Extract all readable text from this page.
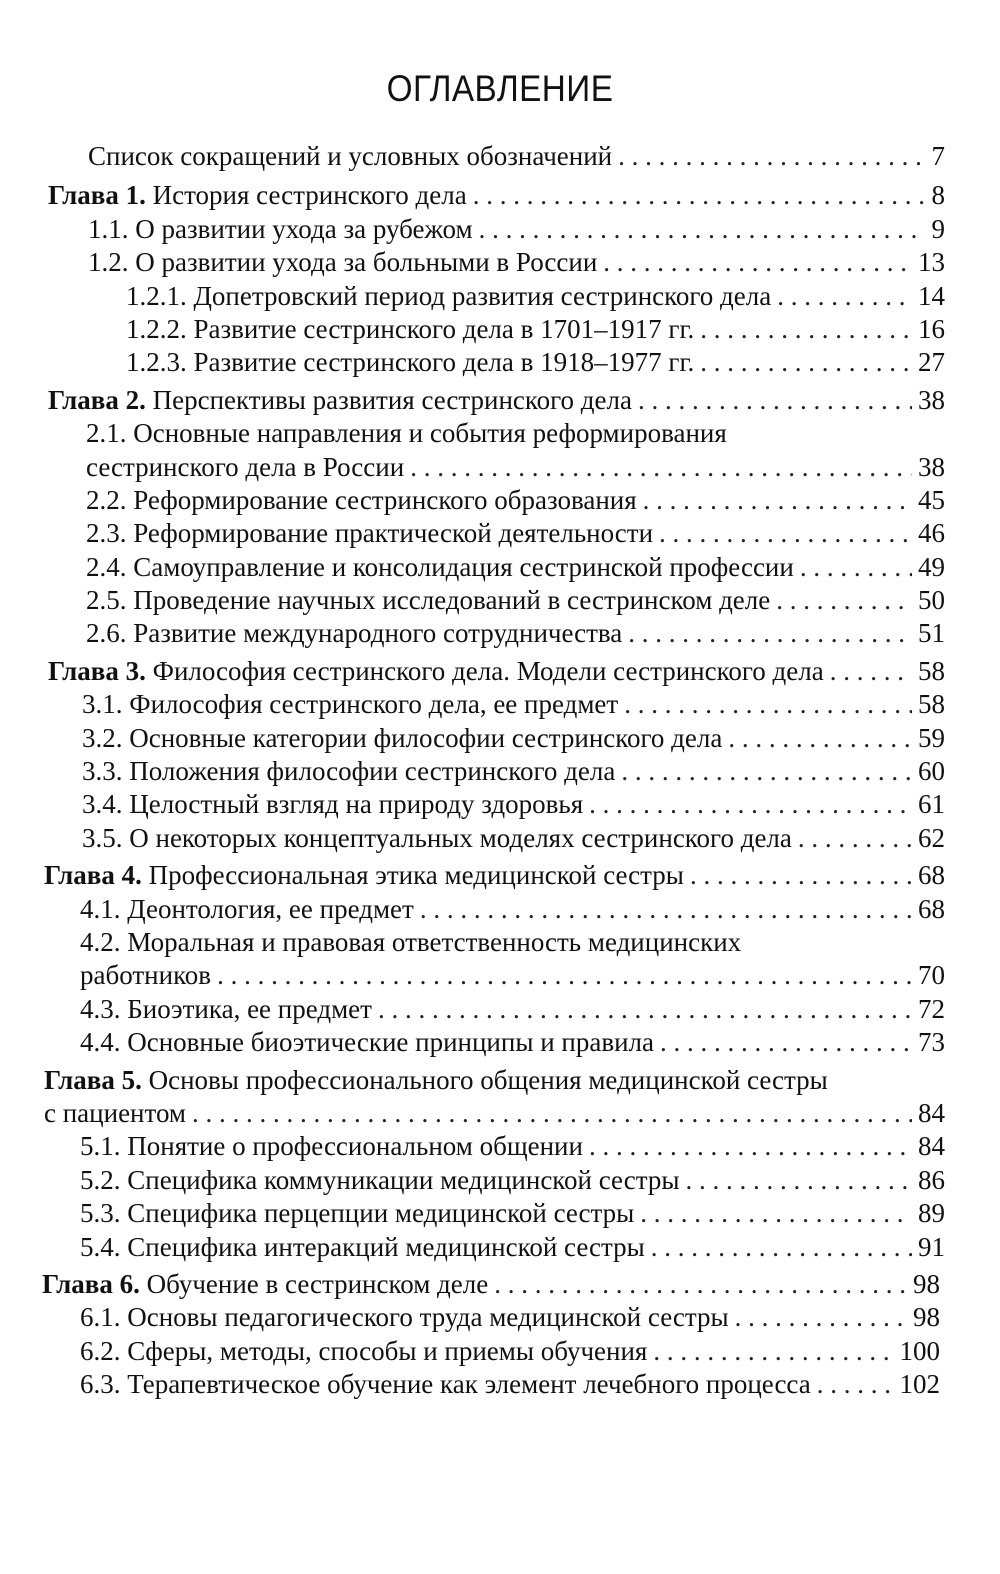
ОГЛАВЛЕНИЕ
Список сокращений и условных обозначений . . .	7
Глава 1. История сестринского дела . . .	8
1.1. О развитии ухода за рубежом . . .	9
1.2. О развитии ухода за больными в России . . .	13
1.2.1. Допетровский период развития сестринского дела . . .	14
1.2.2. Развитие сестринского дела в 1701–1917 гг. . . .	16
1.2.3. Развитие сестринского дела в 1918–1977 гг. . . .	27
Глава 2. Перспективы развития сестринского дела . . .	38
2.1. Основные направления и события реформирования
сестринского дела в России . . .	38
2.2. Реформирование сестринского образования . . .	45
2.3. Реформирование практической деятельности . . .	46
2.4. Самоуправление и консолидация сестринской профессии . . .	49
2.5. Проведение научных исследований в сестринском деле . . .	50
2.6. Развитие международного сотрудничества . . .	51
Глава 3. Философия сестринского дела. Модели сестринского дела . . .	58
3.1. Философия сестринского дела, ее предмет . . .	58
3.2. Основные категории философии сестринского дела . . .	59
3.3. Положения философии сестринского дела . . .	60
3.4. Целостный взгляд на природу здоровья . . .	61
3.5. О некоторых концептуальных моделях сестринского дела . . .	62
Глава 4. Профессиональная этика медицинской сестры . . .	68
4.1. Деонтология, ее предмет . . .	68
4.2. Моральная и правовая ответственность медицинских
работников . . .	70
4.3. Биоэтика, ее предмет . . .	72
4.4. Основные биоэтические принципы и правила . . .	73
Глава 5. Основы профессионального общения медицинской сестры
с пациентом . . .	84
5.1. Понятие о профессиональном общении . . .	84
5.2. Специфика коммуникации медицинской сестры . . .	86
5.3. Специфика перцепции медицинской сестры . . .	89
5.4. Специфика интеракций медицинской сестры . . .	91
Глава 6. Обучение в сестринском деле . . .	98
6.1. Основы педагогического труда медицинской сестры . . .	98
6.2. Сферы, методы, способы и приемы обучения . . .	100
6.3. Терапевтическое обучение как элемент лечебного процесса . . .	102
